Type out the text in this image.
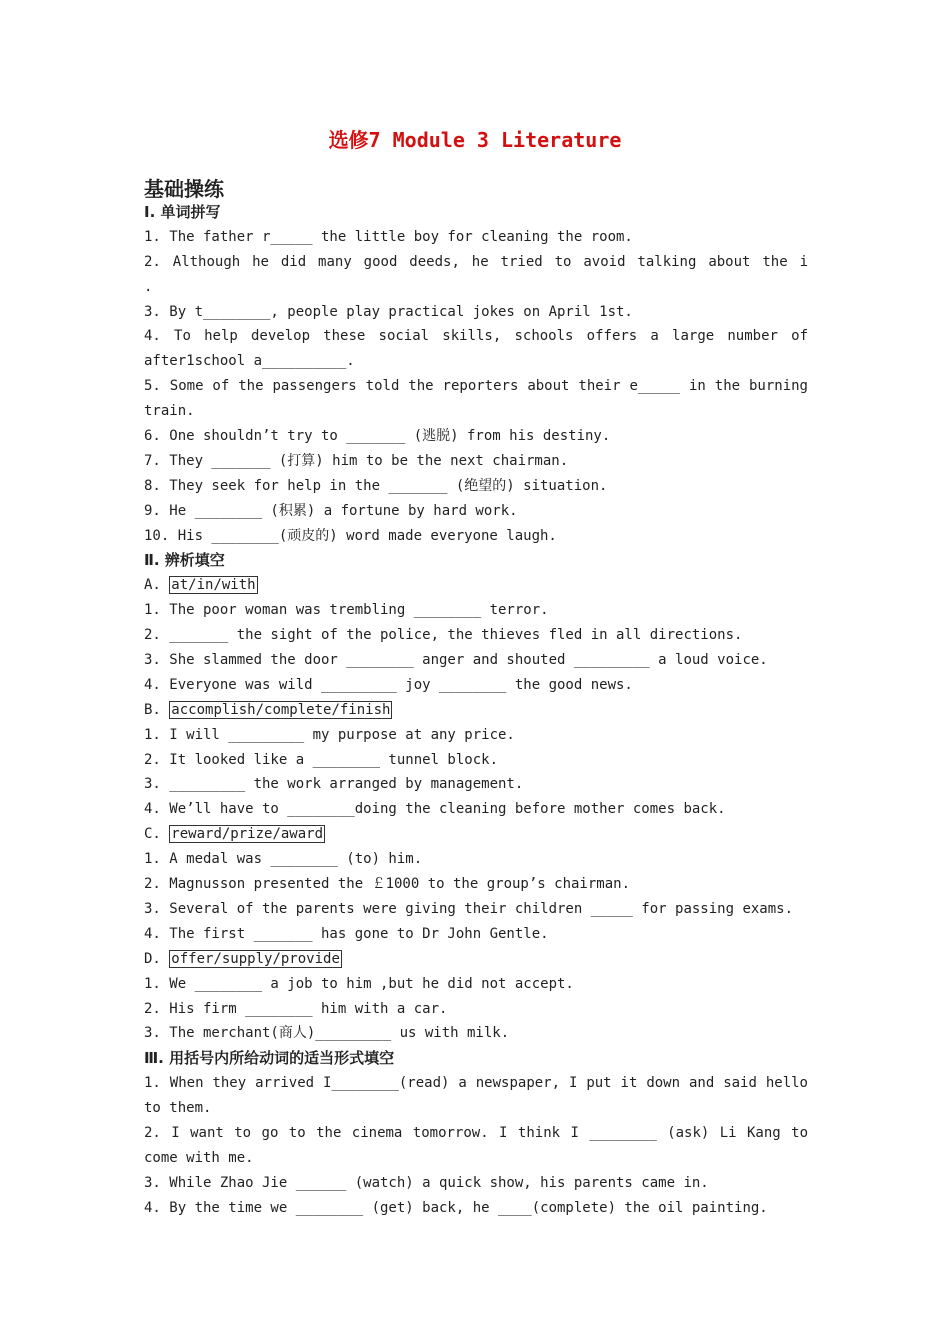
选修7 Module 3 Literature
基础操练
Ⅰ. 单词拼写
1. The father r_____ the little boy for cleaning the room.
2. Although he did many good deeds, he tried to avoid talking about the i
.
3. By t________, people play practical jokes on April 1st.
4. To help develop these social skills, schools offers a large number of
after1school a__________.
5. Some of the passengers told the reporters about their e_____ in the burning
train.
6. One shouldn’t try to _______ (逃脱) from his destiny.
7. They _______ (打算) him to be the next chairman.
8. They seek for help in the _______ (绝望的) situation.
9. He ________ (积累) a fortune by hard work.
10. His ________(顽皮的) word made everyone laugh.
Ⅱ. 辨析填空
A. at/in/with
1. The poor woman was trembling ________ terror.
2. _______ the sight of the police, the thieves fled in all directions.
3. She slammed the door ________ anger and shouted _________ a loud voice.
4. Everyone was wild _________ joy ________ the good news.
B. accomplish/complete/finish
1. I will _________ my purpose at any price.
2. It looked like a ________ tunnel block.
3. _________ the work arranged by management.
4. We’ll have to ________doing the cleaning before mother comes back.
C. reward/prize/award
1. A medal was ________ (to) him.
2. Magnusson presented the ￡1000 to the group’s chairman.
3. Several of the parents were giving their children _____ for passing exams.
4. The first _______ has gone to Dr John Gentle.
D. offer/supply/provide
1. We ________ a job to him ,but he did not accept.
2. His firm ________ him with a car.
3. The merchant(商人)_________ us with milk.
Ⅲ. 用括号内所给动词的适当形式填空
1. When they arrived I________(read) a newspaper, I put it down and said hello
to them.
2. I want to go to the cinema tomorrow. I think I ________ (ask) Li Kang to
come with me.
3. While Zhao Jie ______ (watch) a quick show, his parents came in.
4. By the time we ________ (get) back, he ____(complete) the oil painting.
